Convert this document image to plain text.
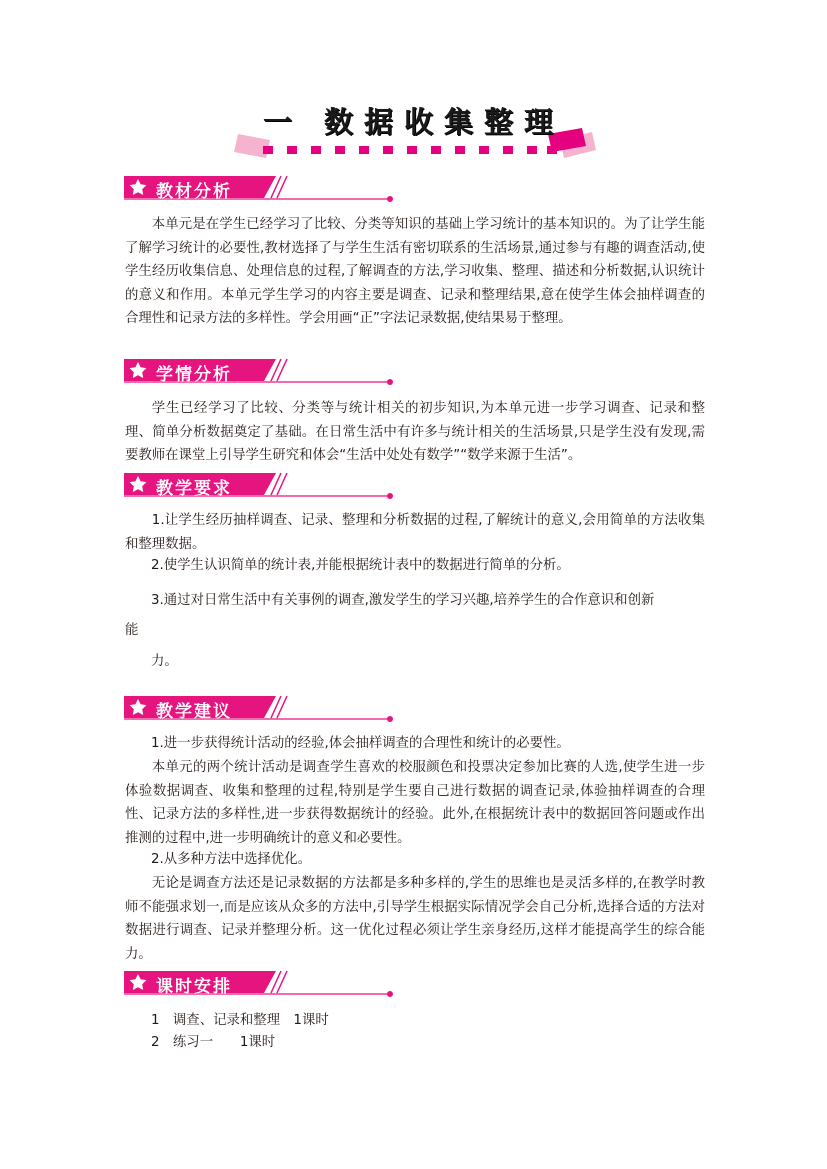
一 数据收集整理
教材分析

本单元是在学生已经学习了比较、分类等知识的基础上学习统计的基本知识的。为了让学生能了解学习统计的必要性,教材选择了与学生生活有密切联系的生活场景,通过参与有趣的调查活动,使学生经历收集信息、处理信息的过程,了解调查的方法,学习收集、整理、描述和分析数据,认识统计的意义和作用。本单元学生学习的内容主要是调查、记录和整理结果,意在使学生体会抽样调查的合理性和记录方法的多样性。学会用画“正”字法记录数据,使结果易于整理。

学情分析

学生已经学习了比较、分类等与统计相关的初步知识,为本单元进一步学习调查、记录和整理、简单分析数据奠定了基础。在日常生活中有许多与统计相关的生活场景,只是学生没有发现,需要教师在课堂上引导学生研究和体会“生活中处处有数学”“数学来源于生活”。

教学要求

1.让学生经历抽样调查、记录、整理和分析数据的过程,了解统计的意义,会用简单的方法收集和整理数据。

2.使学生认识简单的统计表,并能根据统计表中的数据进行简单的分析。

3.通过对日常生活中有关事例的调查,激发学生的学习兴趣,培养学生的合作意识和创新

能

力。

教学建议

1.进一步获得统计活动的经验,体会抽样调查的合理性和统计的必要性。

本单元的两个统计活动是调查学生喜欢的校服颜色和投票决定参加比赛的人选,使学生进一步体验数据调查、收集和整理的过程,特别是学生要自己进行数据的调查记录,体验抽样调查的合理性、记录方法的多样性,进一步获得数据统计的经验。此外,在根据统计表中的数据回答问题或作出推测的过程中,进一步明确统计的意义和必要性。

2.从多种方法中选择优化。

无论是调查方法还是记录数据的方法都是多种多样的,学生的思维也是灵活多样的,在教学时教师不能强求划一,而是应该从众多的方法中,引导学生根据实际情况学会自己分析,选择合适的方法对数据进行调查、记录并整理分析。这一优化过程必须让学生亲身经历,这样才能提高学生的综合能力。

课时安排

1　调查、记录和整理　1课时

2　练习一　　1课时
